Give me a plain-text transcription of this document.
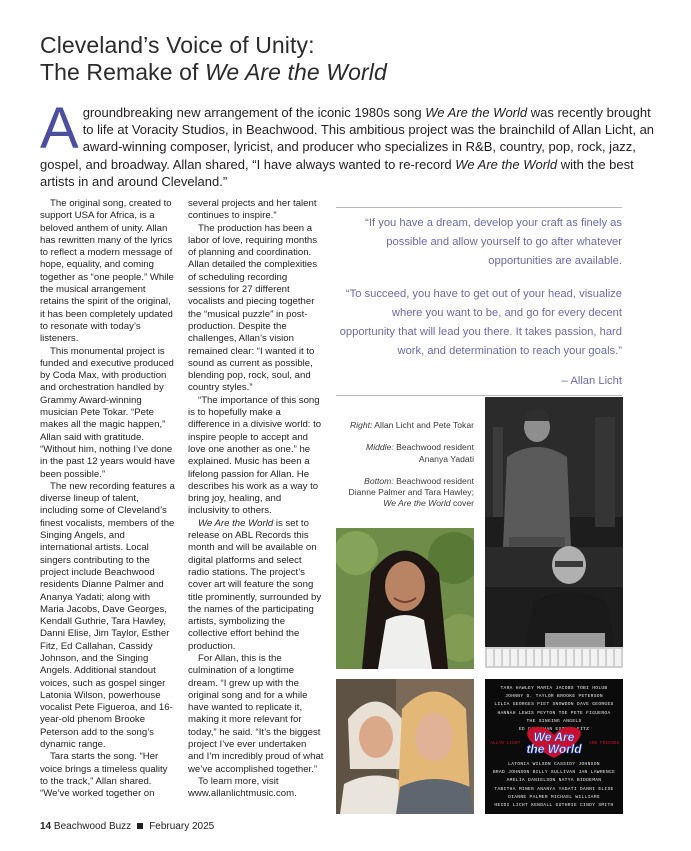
Cleveland’s Voice of Unity:
The Remake of We Are the World
Agroundbreaking new arrangement of the iconic 1980s song We Are the World was recently brought to life at Voracity Studios, in Beachwood. This ambitious project was the brainchild of Allan Licht, an award-winning composer, lyricist, and producer who specializes in R&B, country, pop, rock, jazz, gospel, and broadway. Allan shared, “I have always wanted to re-record We Are the World with the best artists in and around Cleveland.”

The original song, created to support USA for Africa, is a beloved anthem of unity. Allan has rewritten many of the lyrics to reflect a modern message of hope, equality, and coming together as “one people.” While the musical arrangement retains the spirit of the original, it has been completely updated to resonate with today’s listeners.

This monumental project is funded and executive produced by Coda Max, with production and orchestration handled by Grammy Award-winning musician Pete Tokar. “Pete makes all the magic happen,” Allan said with gratitude. “Without him, nothing I’ve done in the past 12 years would have been possible.”

The new recording features a diverse lineup of talent, including some of Cleveland’s finest vocalists, members of the Singing Angels, and international artists. Local singers contributing to the project include Beachwood residents Dianne Palmer and Ananya Yadati; along with Maria Jacobs, Dave Georges, Kendall Guthrie, Tara Hawley, Danni Elise, Jim Taylor, Esther Fitz, Ed Callahan, Cassidy Johnson, and the Singing Angels. Additional standout voices, such as gospel singer Latonia Wilson, powerhouse vocalist Pete Figueroa, and 16-year-old phenom Brooke Peterson add to the song’s dynamic range.

Tara starts the song. “Her voice brings a timeless quality to the track,” Allan shared. “We’ve worked together on

several projects and her talent continues to inspire.”

The production has been a labor of love, requiring months of planning and coordination. Allan detailed the complexities of scheduling recording sessions for 27 different vocalists and piecing together the “musical puzzle” in post-production. Despite the challenges, Allan’s vision remained clear: “I wanted it to sound as current as possible, blending pop, rock, soul, and country styles.”

“The importance of this song is to hopefully make a difference in a divisive world: to inspire people to accept and love one another as one.” he explained. Music has been a lifelong passion for Allan. He describes his work as a way to bring joy, healing, and inclusivity to others.

We Are the World is set to release on ABL Records this month and will be available on digital platforms and select radio stations. The project’s cover art will feature the song title prominently, surrounded by the names of the participating artists, symbolizing the collective effort behind the production.

For Allan, this is the culmination of a longtime dream. “I grew up with the original song and for a while have wanted to replicate it, making it more relevant for today,” he said. “It’s the biggest project I’ve ever undertaken and I’m incredibly proud of what we’ve accomplished together.”

To learn more, visit www.allanlichtmusic.com.

“If you have a dream, develop your craft as finely as possible and allow yourself to go after whatever opportunities are available.

“To succeed, you have to get out of your head, visualize where you want to be, and go for every decent opportunity that will lead you there. It takes passion, hard work, and determination to reach your goals.”

– Allan Licht

Right: Allan Licht and Pete Tokar

Middle: Beachwood resident Ananya Yadati

Bottom: Beachwood resident Dianne Palmer and Tara Hawley; We Are the World cover

TARA HAWLEY MARIA JACOBS TOBI HOLUB
JOHNNY D. TAYLOR BROOKE PETERSON
LILIA GEORGES PIET SNOWDON DAVE GEORGES
HANNAH LEWIS PEYTON TOE PETE FIGUEROA
THE SINGING ANGELS
ED CALLAHAN ESTHER FITZ
ALLAN LICHT	AND FRIENDS
We Are
the World
LATONIA WILSON CASSIDY JOHNSON
BRAD JOHNSON BILLY SULLIVAN JAN LAWRENCE
AMELIA DANIELSON NATYA BIDDEMAN
TABITHA MINER ANANYA YADATI DANNI ELISE
DIANNE PALMER MICHAEL WILLIAMS
HEIDI LICHT KENDALL GUTHRIE CINDY SMITH
14 Beachwood Buzz February 2025
